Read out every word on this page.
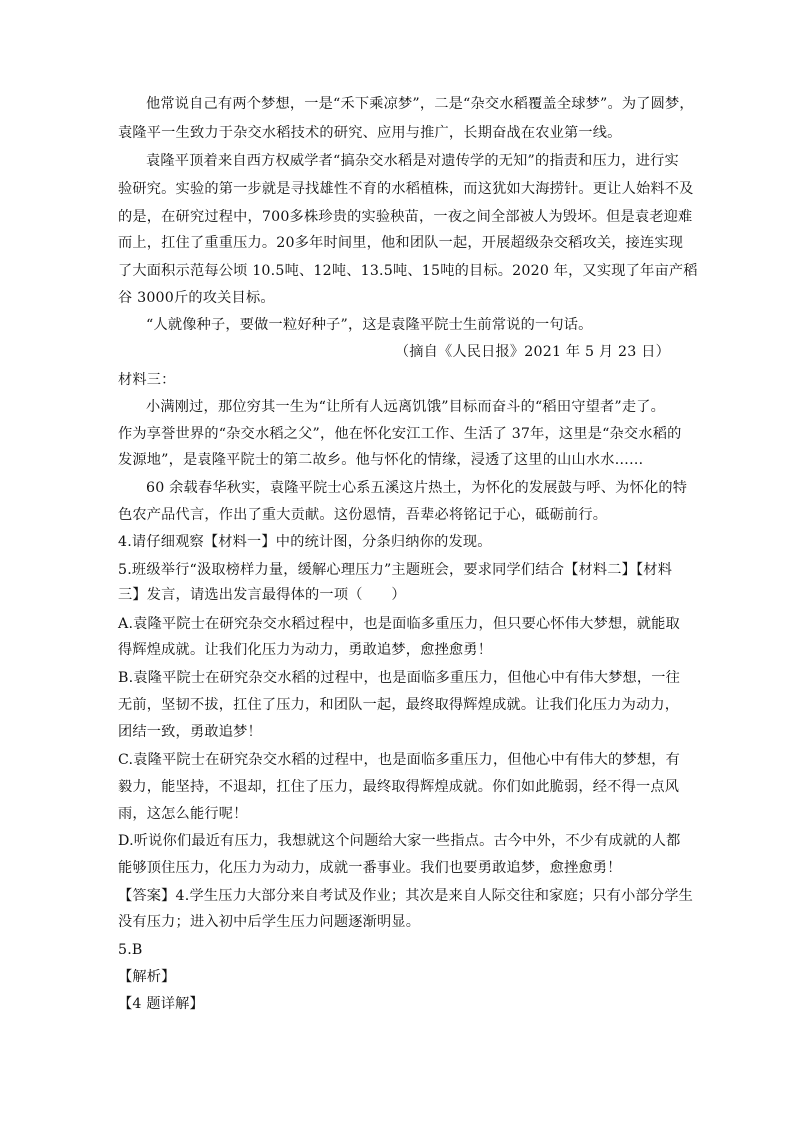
他常说自己有两个梦想，一是“禾下乘凉梦”，二是“杂交水稻覆盖全球梦”。为了圆梦，
袁隆平一生致力于杂交水稻技术的研究、应用与推广，长期奋战在农业第一线。
袁隆平顶着来自西方权威学者“搞杂交水稻是对遗传学的无知”的指责和压力，进行实
验研究。实验的第一步就是寻找雄性不育的水稻植株，而这犹如大海捞针。更让人始料不及
的是，在研究过程中，700多株珍贵的实验秧苗，一夜之间全部被人为毁坏。但是袁老迎难
而上，扛住了重重压力。20多年时间里，他和团队一起，开展超级杂交稻攻关，接连实现
了大面积示范每公顷 10.5吨、12吨、13.5吨、15吨的目标。2020 年，又实现了年亩产稻
谷 3000斤的攻关目标。
“人就像种子，要做一粒好种子”，这是袁隆平院士生前常说的一句话。
（摘自《人民日报》2021 年 5 月 23 日）
材料三：
小满刚过，那位穷其一生为“让所有人远离饥饿”目标而奋斗的“稻田守望者”走了。
作为享誉世界的“杂交水稻之父”，他在怀化安江工作、生活了 37年，这里是“杂交水稻的
发源地”，是袁隆平院士的第二故乡。他与怀化的情缘，浸透了这里的山山水水……
60 余载春华秋实，袁隆平院士心系五溪这片热土，为怀化的发展鼓与呼、为怀化的特
色农产品代言，作出了重大贡献。这份恩情，吾辈必将铭记于心，砥砺前行。
4.请仔细观察【材料一】中的统计图，分条归纳你的发现。
5.班级举行“汲取榜样力量，缓解心理压力”主题班会，要求同学们结合【材料二】【材料
三】发言，请选出发言最得体的一项（　　）
A.袁隆平院士在研究杂交水稻过程中，也是面临多重压力，但只要心怀伟大梦想，就能取
得辉煌成就。让我们化压力为动力，勇敢追梦，愈挫愈勇！
B.袁隆平院士在研究杂交水稻的过程中，也是面临多重压力，但他心中有伟大梦想，一往
无前，坚韧不拔，扛住了压力，和团队一起，最终取得辉煌成就。让我们化压力为动力，
团结一致，勇敢追梦！
C.袁隆平院士在研究杂交水稻的过程中，也是面临多重压力，但他心中有伟大的梦想，有
毅力，能坚持，不退却，扛住了压力，最终取得辉煌成就。你们如此脆弱，经不得一点风
雨，这怎么能行呢！
D.听说你们最近有压力，我想就这个问题给大家一些指点。古今中外，不少有成就的人都
能够顶住压力，化压力为动力，成就一番事业。我们也要勇敢追梦，愈挫愈勇！
【答案】4.学生压力大部分来自考试及作业；其次是来自人际交往和家庭；只有小部分学生
没有压力；进入初中后学生压力问题逐渐明显。
5.B
【解析】
【4 题详解】
